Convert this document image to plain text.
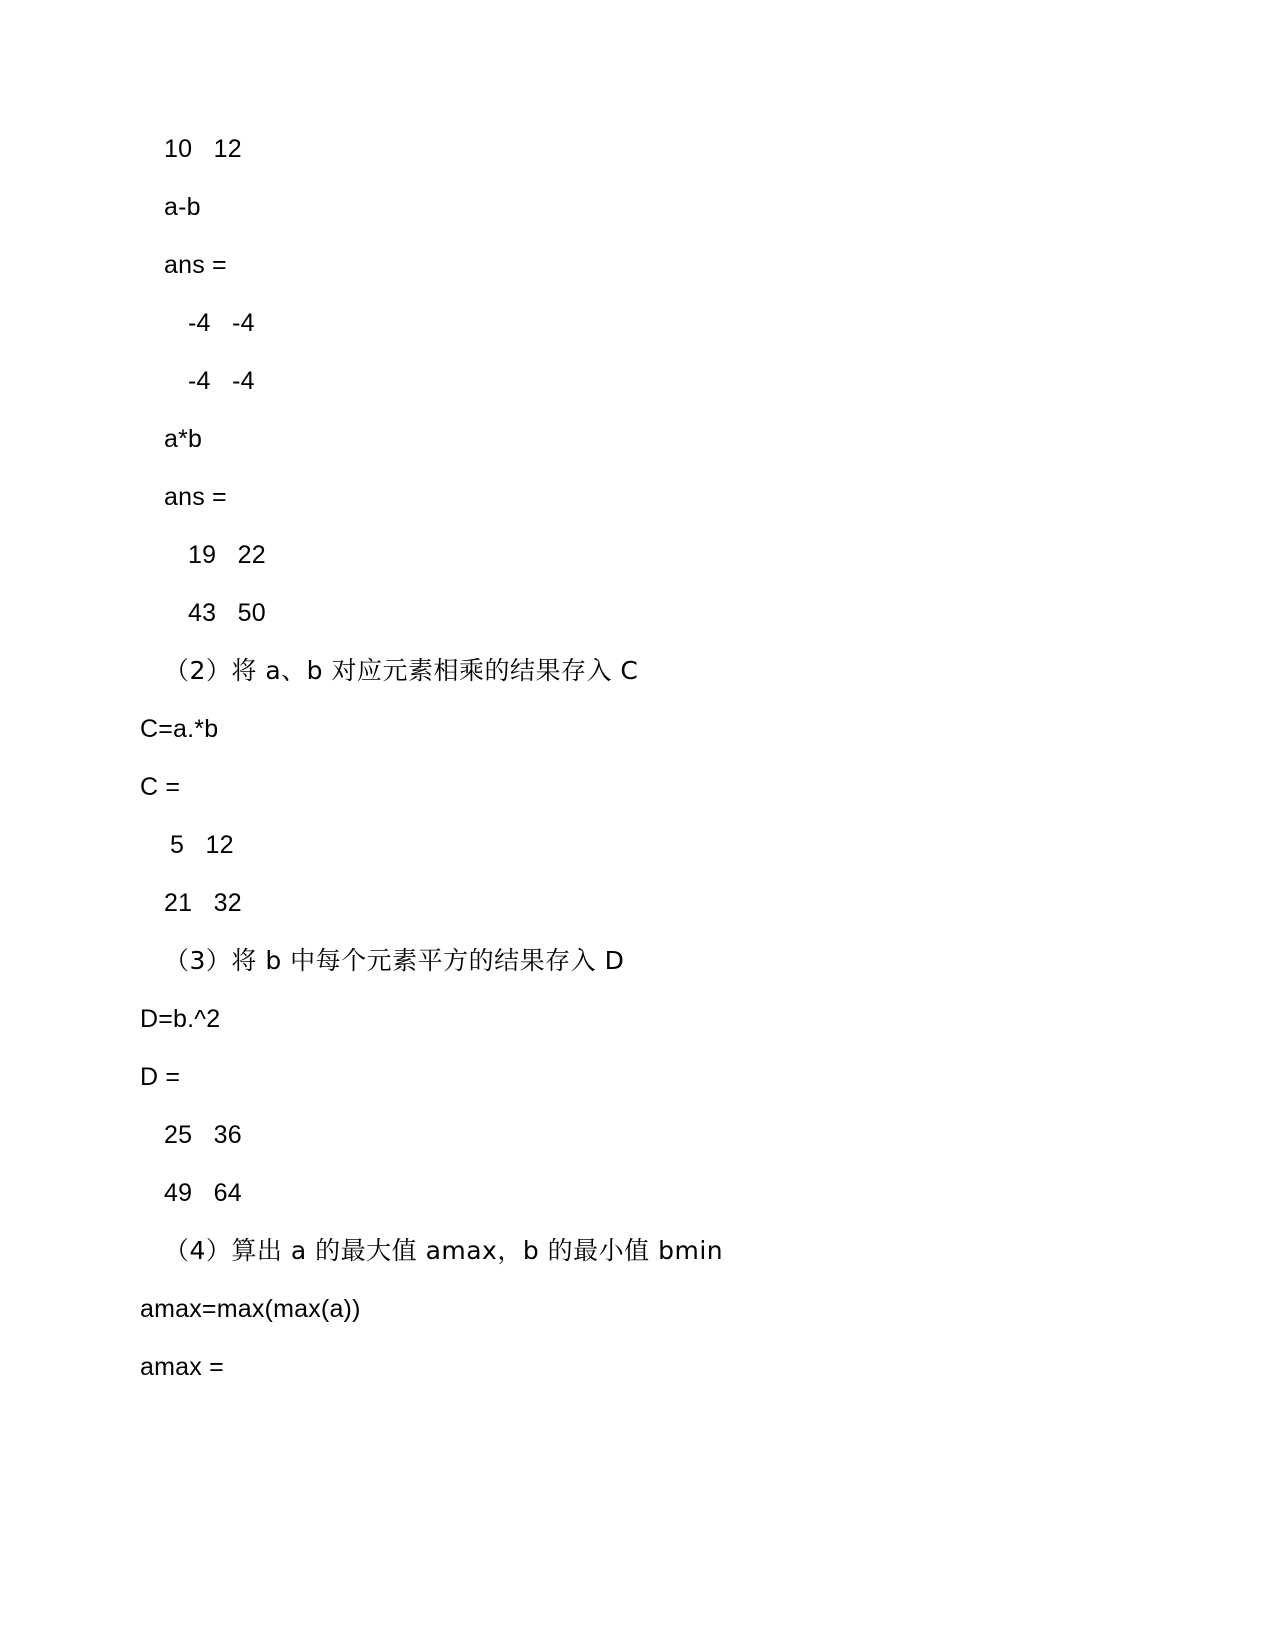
10   12
a-b
ans =
-4   -4
-4   -4
a*b
ans =
19   22
43   50
（2）将 a、b 对应元素相乘的结果存入 C
C=a.*b
C =
5   12
21   32
（3）将 b 中每个元素平方的结果存入 D
D=b.^2
D =
25   36
49   64
（4）算出 a 的最大值 amax，b 的最小值 bmin
amax=max(max(a))
amax =
